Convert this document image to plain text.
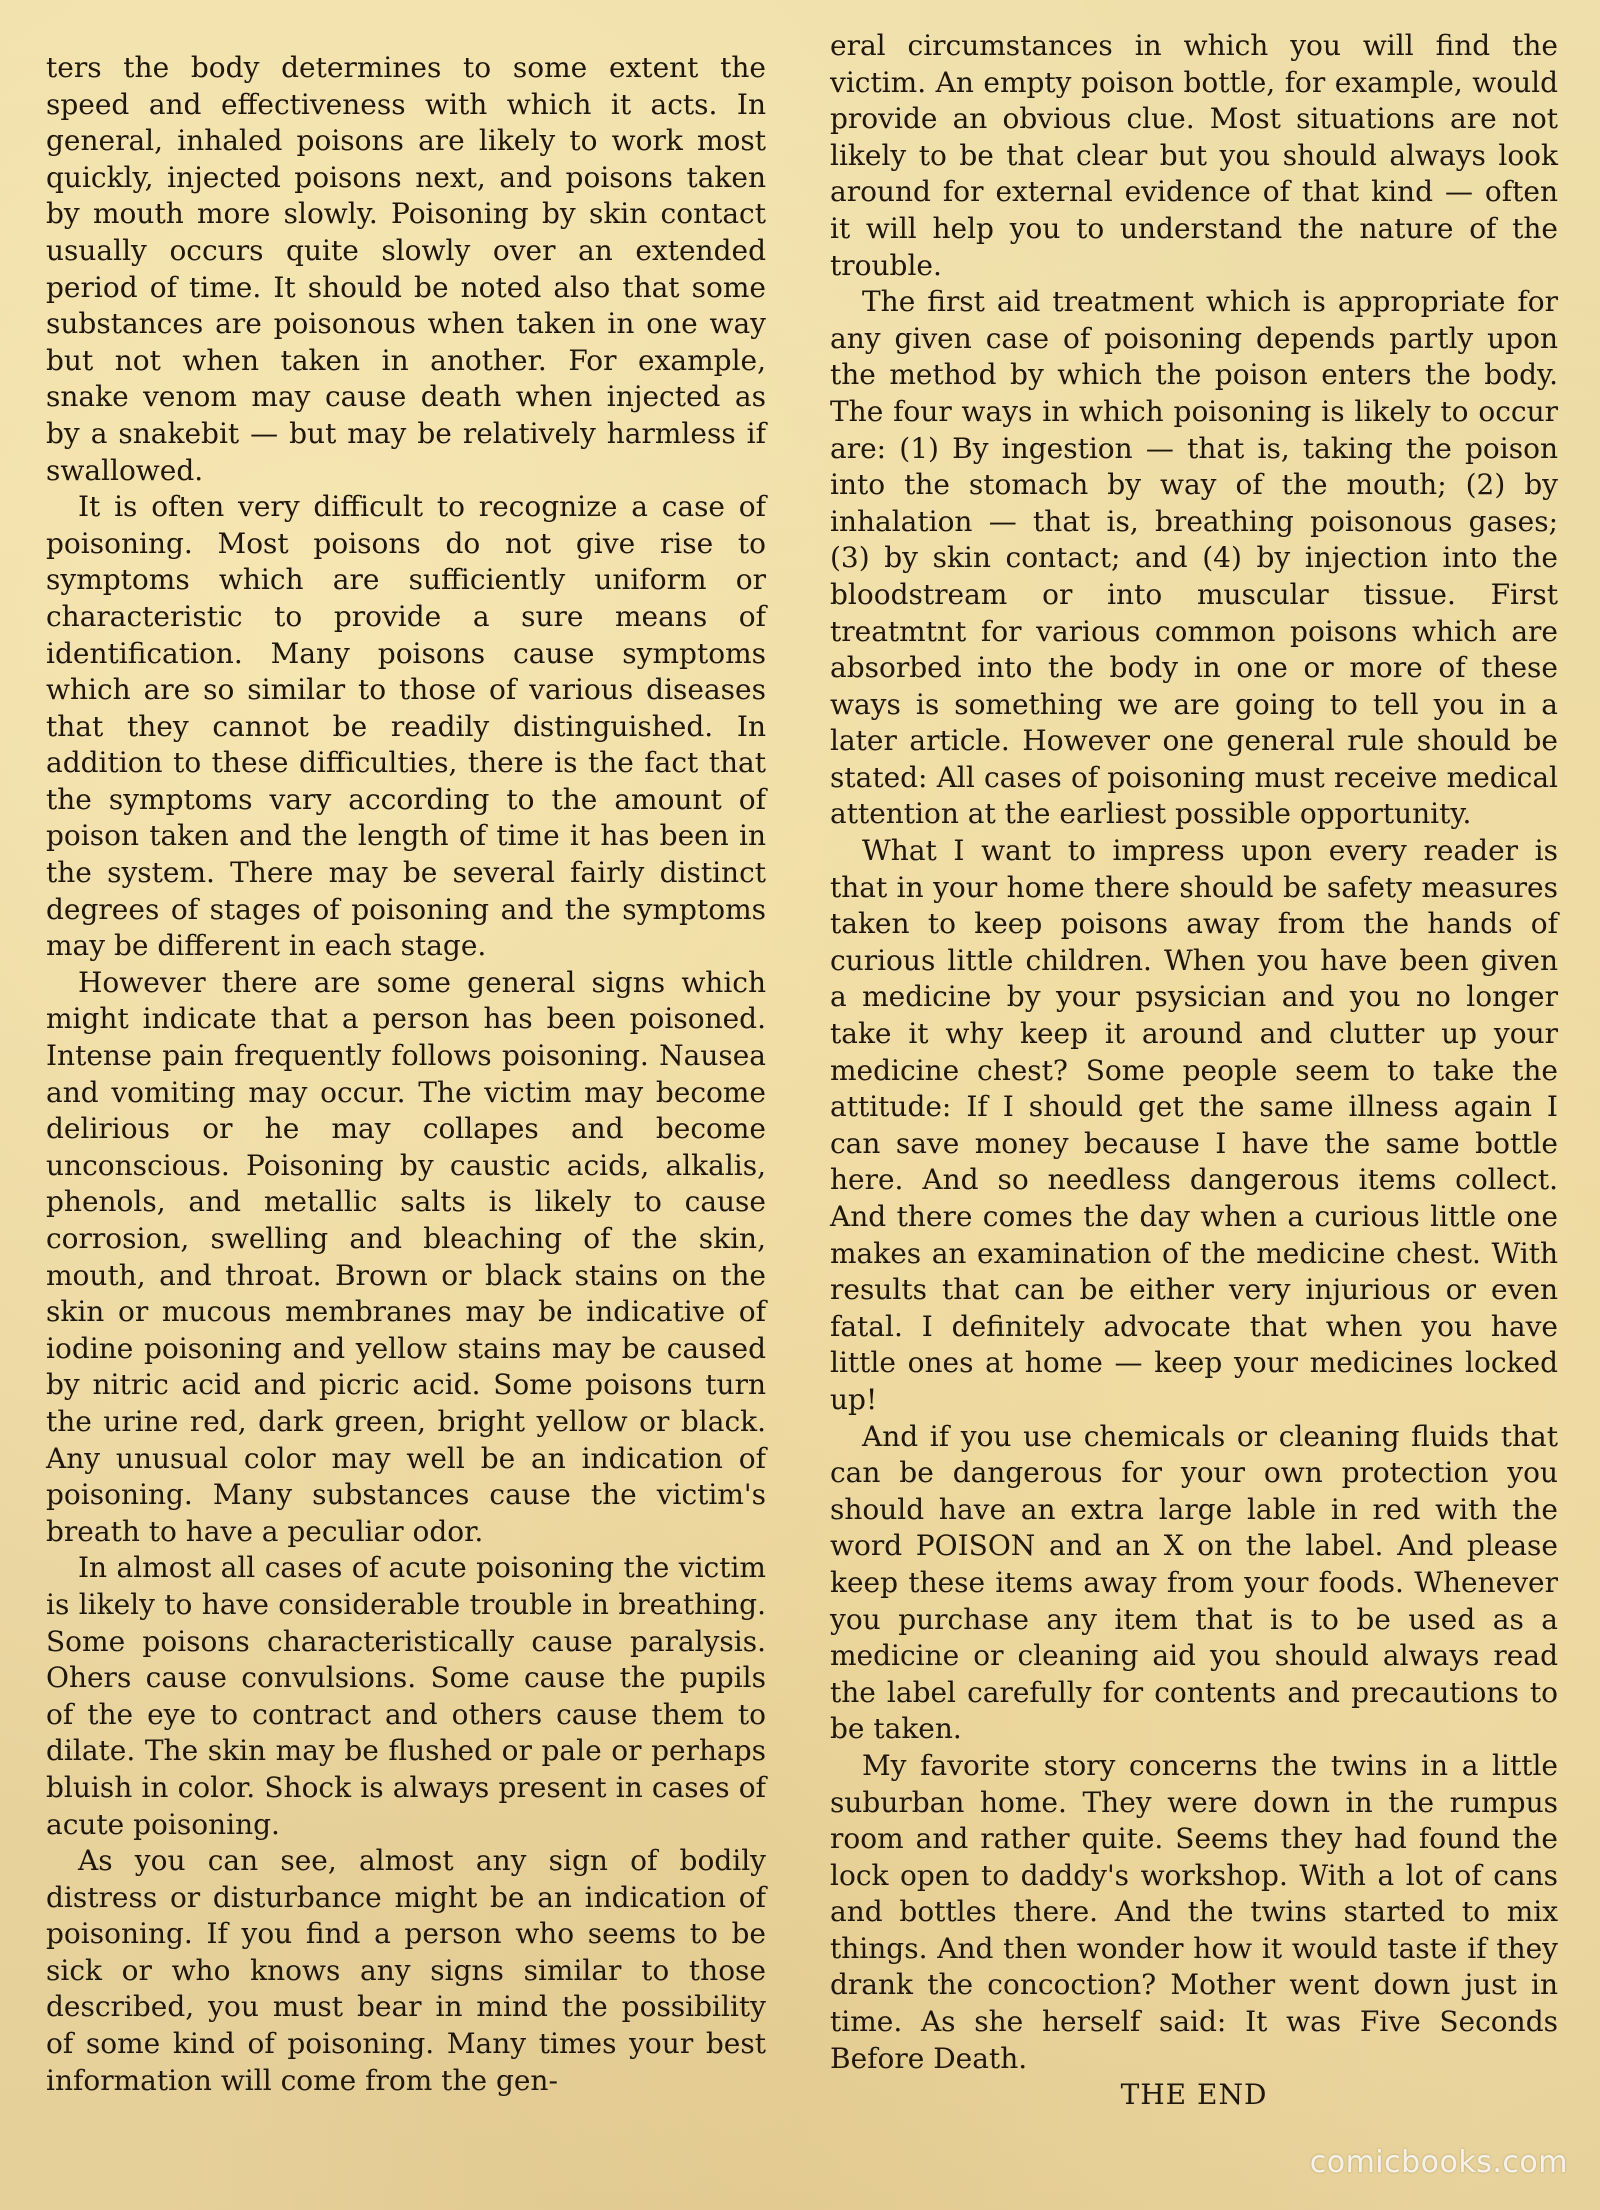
ters the body determines to some extent the speed and effectiveness with which it acts. In general, inhaled poisons are likely to work most quickly, injected poisons next, and poisons taken by mouth more slowly. Poisoning by skin contact usually occurs quite slowly over an extended period of time. It should be noted also that some substances are poisonous when taken in one way but not when taken in another. For example, snake venom may cause death when injected as by a snakebit — but may be relatively harmless if swallowed.

It is often very difficult to recognize a case of poisoning. Most poisons do not give rise to symptoms which are sufficiently uniform or characteristic to provide a sure means of identification. Many poisons cause symptoms which are so similar to those of various diseases that they cannot be readily distinguished. In addition to these difficulties, there is the fact that the symptoms vary according to the amount of poison taken and the length of time it has been in the system. There may be several fairly distinct degrees of stages of poisoning and the symptoms may be different in each stage.

However there are some general signs which might indicate that a person has been poisoned. Intense pain frequently follows poisoning. Nausea and vomiting may occur. The victim may become delirious or he may collapes and become unconscious. Poisoning by caustic acids, alkalis, phenols, and metallic salts is likely to cause corrosion, swelling and bleaching of the skin, mouth, and throat. Brown or black stains on the skin or mucous membranes may be indicative of iodine poisoning and yellow stains may be caused by nitric acid and picric acid. Some poisons turn the urine red, dark green, bright yellow or black. Any unusual color may well be an indication of poisoning. Many substances cause the victim's breath to have a peculiar odor.

In almost all cases of acute poisoning the victim is likely to have considerable trouble in breathing. Some poisons characteristically cause paralysis. Ohers cause convulsions. Some cause the pupils of the eye to contract and others cause them to dilate. The skin may be flushed or pale or perhaps bluish in color. Shock is always present in cases of acute poisoning.

As you can see, almost any sign of bodily distress or disturbance might be an indication of poisoning. If you find a person who seems to be sick or who knows any signs similar to those described, you must bear in mind the possibility of some kind of poisoning. Many times your best information will come from the gen-

eral circumstances in which you will find the victim. An empty poison bottle, for example, would provide an obvious clue. Most situations are not likely to be that clear but you should always look around for external evidence of that kind — often it will help you to understand the nature of the trouble.

The first aid treatment which is appropriate for any given case of poisoning depends partly upon the method by which the poison enters the body. The four ways in which poisoning is likely to occur are: (1) By ingestion — that is, taking the poison into the stomach by way of the mouth; (2) by inhalation — that is, breathing poisonous gases; (3) by skin contact; and (4) by injection into the bloodstream or into muscular tissue. First treatmtnt for various common poisons which are absorbed into the body in one or more of these ways is something we are going to tell you in a later article. However one general rule should be stated: All cases of poisoning must receive medical attention at the earliest possible opportunity.

What I want to impress upon every reader is that in your home there should be safety measures taken to keep poisons away from the hands of curious little children. When you have been given a medicine by your psysician and you no longer take it why keep it around and clutter up your medicine chest? Some people seem to take the attitude: If I should get the same illness again I can save money because I have the same bottle here. And so needless dangerous items collect. And there comes the day when a curious little one makes an examination of the medicine chest. With results that can be either very injurious or even fatal. I definitely advocate that when you have little ones at home — keep your medicines locked up!

And if you use chemicals or cleaning fluids that can be dangerous for your own protection you should have an extra large lable in red with the word POISON and an X on the label. And please keep these items away from your foods. Whenever you purchase any item that is to be used as a medicine or cleaning aid you should always read the label carefully for contents and precautions to be taken.

My favorite story concerns the twins in a little suburban home. They were down in the rumpus room and rather quite. Seems they had found the lock open to daddy's workshop. With a lot of cans and bottles there. And the twins started to mix things. And then wonder how it would taste if they drank the concoction? Mother went down just in time. As she herself said: It was Five Seconds Before Death.

THE END

comicbooks.com
